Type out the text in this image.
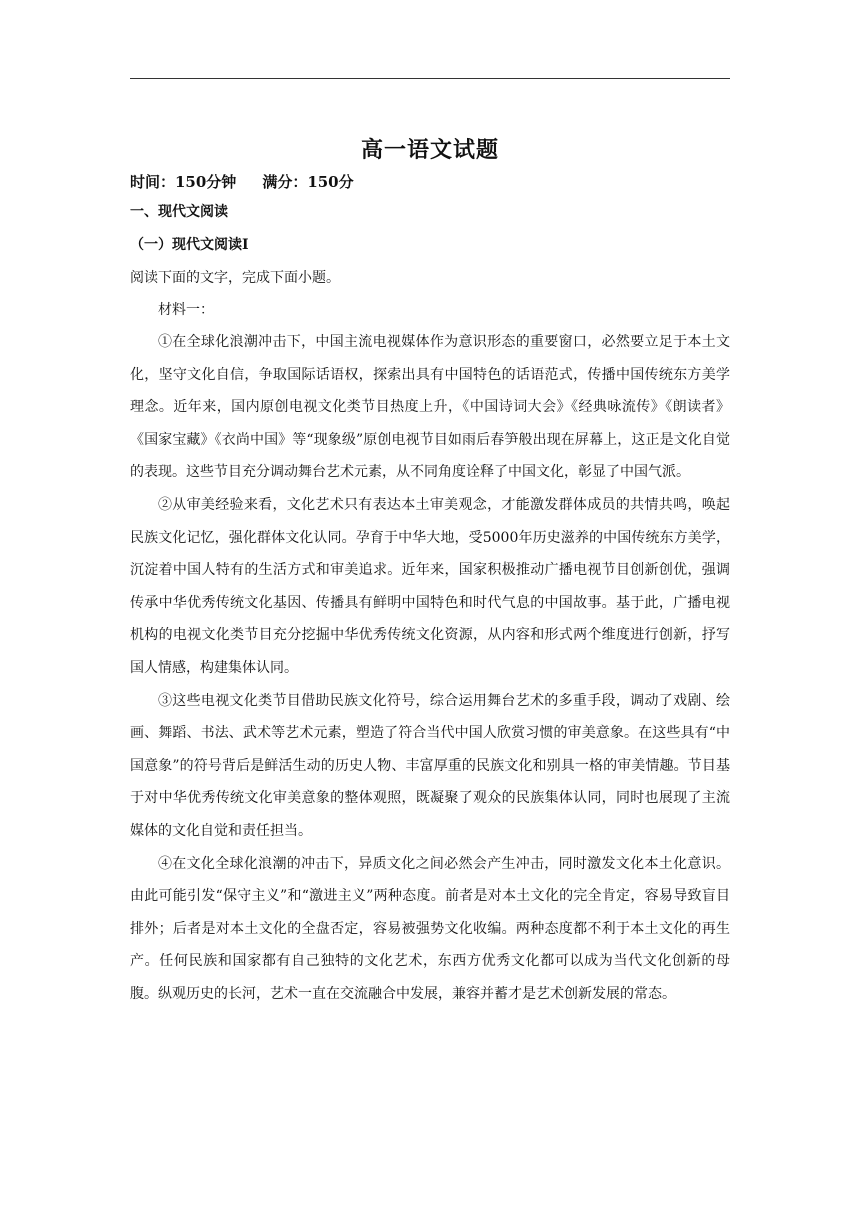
高一语文试题

时间：150分钟 满分：150分

一、现代文阅读

（一）现代文阅读Ⅰ

阅读下面的文字，完成下面小题。

材料一：

①在全球化浪潮冲击下，中国主流电视媒体作为意识形态的重要窗口，必然要立足于本土文化，坚守文化自信，争取国际话语权，探索出具有中国特色的话语范式，传播中国传统东方美学理念。近年来，国内原创电视文化类节目热度上升，《中国诗词大会》《经典咏流传》《朗读者》《国家宝藏》《衣尚中国》等“现象级”原创电视节目如雨后春笋般出现在屏幕上，这正是文化自觉的表现。这些节目充分调动舞台艺术元素，从不同角度诠释了中国文化，彰显了中国气派。

②从审美经验来看，文化艺术只有表达本土审美观念，才能激发群体成员的共情共鸣，唤起民族文化记忆，强化群体文化认同。孕育于中华大地，受5000年历史滋养的中国传统东方美学，沉淀着中国人特有的生活方式和审美追求。近年来，国家积极推动广播电视节目创新创优，强调传承中华优秀传统文化基因、传播具有鲜明中国特色和时代气息的中国故事。基于此，广播电视机构的电视文化类节目充分挖掘中华优秀传统文化资源，从内容和形式两个维度进行创新，抒写国人情感，构建集体认同。

③这些电视文化类节目借助民族文化符号，综合运用舞台艺术的多重手段，调动了戏剧、绘画、舞蹈、书法、武术等艺术元素，塑造了符合当代中国人欣赏习惯的审美意象。在这些具有“中国意象”的符号背后是鲜活生动的历史人物、丰富厚重的民族文化和别具一格的审美情趣。节目基于对中华优秀传统文化审美意象的整体观照，既凝聚了观众的民族集体认同，同时也展现了主流媒体的文化自觉和责任担当。

④在文化全球化浪潮的冲击下，异质文化之间必然会产生冲击，同时激发文化本土化意识。由此可能引发“保守主义”和“激进主义”两种态度。前者是对本土文化的完全肯定，容易导致盲目排外；后者是对本土文化的全盘否定，容易被强势文化收编。两种态度都不利于本土文化的再生产。任何民族和国家都有自己独特的文化艺术，东西方优秀文化都可以成为当代文化创新的母腹。纵观历史的长河，艺术一直在交流融合中发展，兼容并蓄才是艺术创新发展的常态。
